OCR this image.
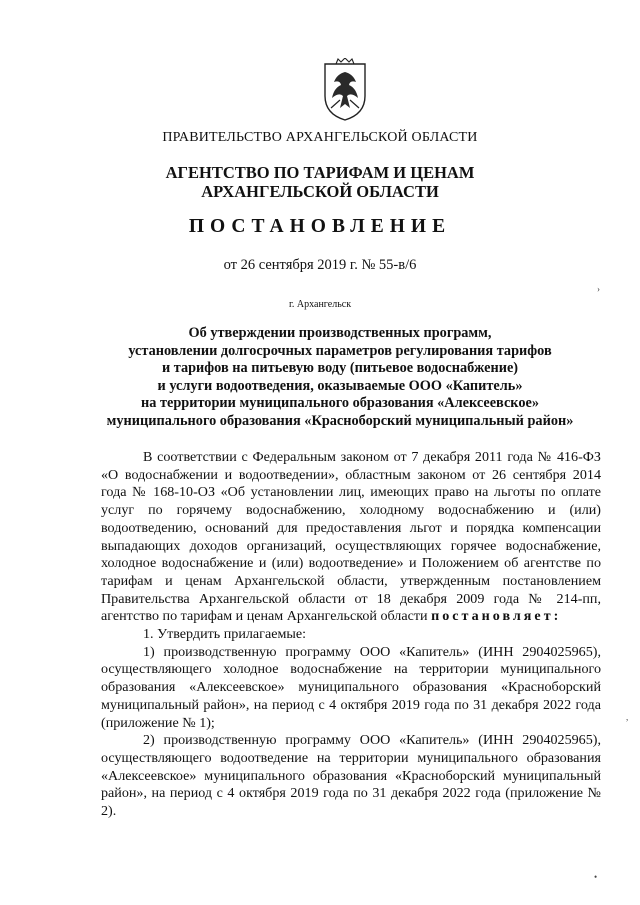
ПРАВИТЕЛЬСТВО АРХАНГЕЛЬСКОЙ ОБЛАСТИ
АГЕНТСТВО ПО ТАРИФАМ И ЦЕНАМ
АРХАНГЕЛЬСКОЙ ОБЛАСТИ
ПОСТАНОВЛЕНИЕ
от 26 сентября 2019 г. № 55-в/6
г. Архангельск
Об утверждении производственных программ,
установлении долгосрочных параметров регулирования тарифов
и тарифов на питьевую воду (питьевое водоснабжение)
и услуги водоотведения, оказываемые ООО «Капитель»
на территории муниципального образования «Алексеевское»
муниципального образования «Красноборский муниципальный район»

В соответствии с Федеральным законом от 7 декабря 2011 года № 416-ФЗ «О водоснабжении и водоотведении», областным законом от 26 сентября 2014 года № 168-10-ОЗ «Об установлении лиц, имеющих право на льготы по оплате услуг по горячему водоснабжению, холодному водоснабжению и (или) водоотведению, оснований для предоставления льгот и порядка компенсации выпадающих доходов организаций, осуществляющих горячее водоснабжение, холодное водоснабжение и (или) водоотведение» и Положением об агентстве по тарифам и ценам Архангельской области, утвержденным постановлением Правительства Архангельской области от 18 декабря 2009 года № 214-пп, агентство по тарифам и ценам Архангельской области постановляет:

1. Утвердить прилагаемые:

1) производственную программу ООО «Капитель» (ИНН 2904025965), осуществляющего холодное водоснабжение на территории муниципального образования «Алексеевское» муниципального образования «Красноборский муниципальный район», на период с 4 октября 2019 года по 31 декабря 2022 года (приложение № 1);

2) производственную программу ООО «Капитель» (ИНН 2904025965), осуществляющего водоотведение на территории муниципального образования «Алексеевское» муниципального образования «Красноборский муниципальный район», на период с 4 октября 2019 года по 31 декабря 2022 года (приложение № 2).

›
,
•
